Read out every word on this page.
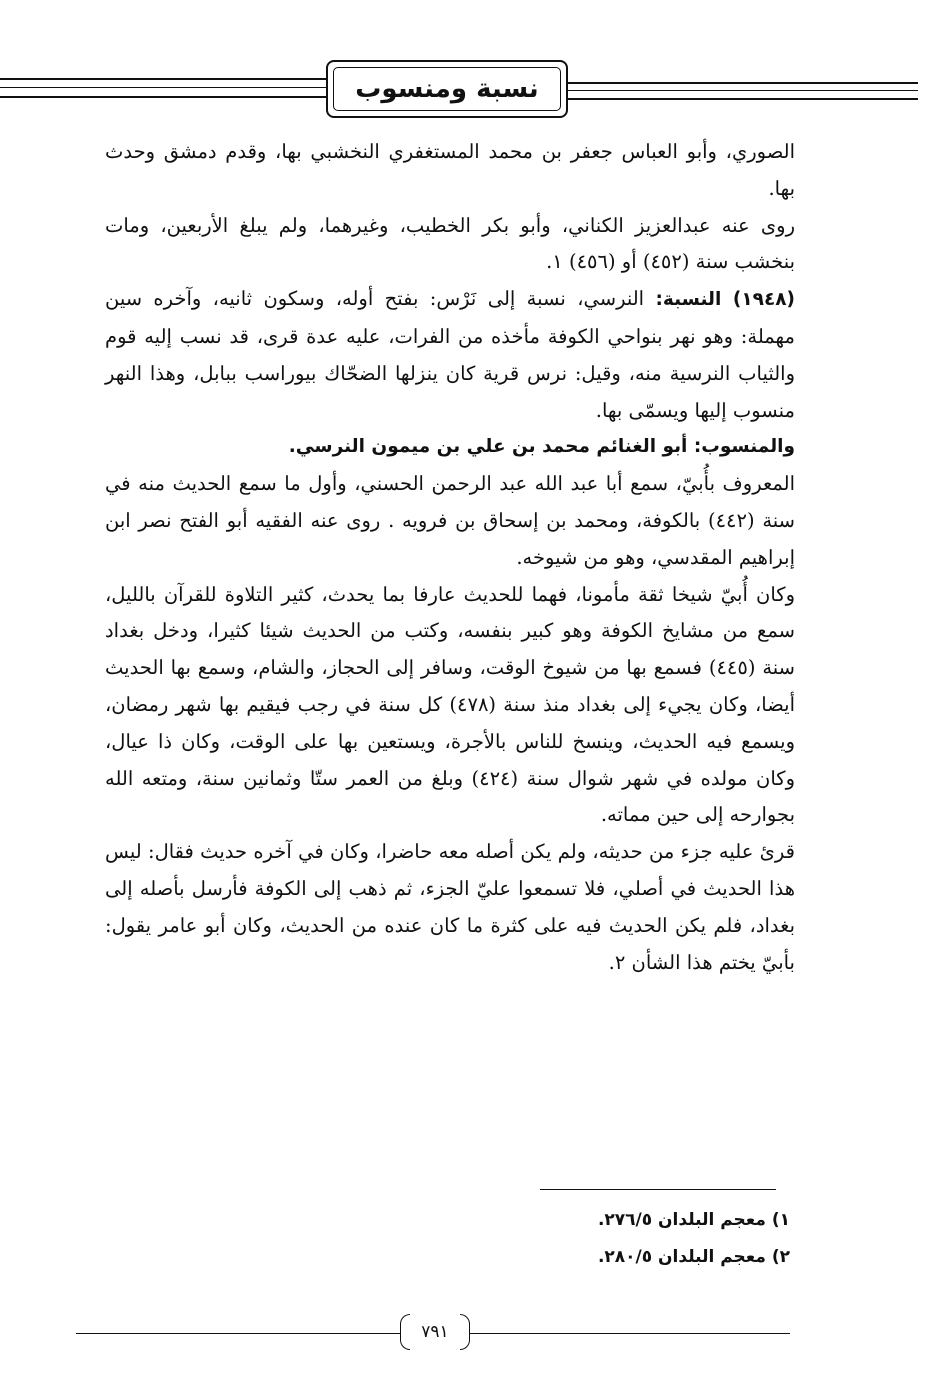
نسبة ومنسوب

الصوري، وأبو العباس جعفر بن محمد المستغفري النخشبي بها، وقدم دمشق وحدث بها.

روى عنه عبدالعزيز الكناني، وأبو بكر الخطيب، وغيرهما، ولم يبلغ الأربعين، ومات بنخشب سنة (٤٥٢) أو (٤٥٦) ١.

(١٩٤٨) النسبة: النرسي، نسبة إلى نَرْس: بفتح أوله، وسكون ثانيه، وآخره سين مهملة: وهو نهر بنواحي الكوفة مأخذه من الفرات، عليه عدة قرى، قد نسب إليه قوم والثياب النرسية منه، وقيل: نرس قرية كان ينزلها الضحّاك بيوراسب ببابل، وهذا النهر منسوب إليها ويسمّى بها.

والمنسوب: أبو الغنائم محمد بن علي بن ميمون النرسي.

المعروف بأُبيّ، سمع أبا عبد الله عبد الرحمن الحسني، وأول ما سمع الحديث منه في سنة (٤٤٢) بالكوفة، ومحمد بن إسحاق بن فرويه . روى عنه الفقيه أبو الفتح نصر ابن إبراهيم المقدسي، وهو من شيوخه.

وكان أُبيّ شيخا ثقة مأمونا، فهما للحديث عارفا بما يحدث، كثير التلاوة للقرآن بالليل، سمع من مشايخ الكوفة وهو كبير بنفسه، وكتب من الحديث شيئا كثيرا، ودخل بغداد سنة (٤٤٥) فسمع بها من شيوخ الوقت، وسافر إلى الحجاز، والشام، وسمع بها الحديث أيضا، وكان يجيء إلى بغداد منذ سنة (٤٧٨) كل سنة في رجب فيقيم بها شهر رمضان، ويسمع فيه الحديث، وينسخ للناس بالأجرة، ويستعين بها على الوقت، وكان ذا عيال، وكان مولده في شهر شوال سنة (٤٢٤) وبلغ من العمر ستّا وثمانين سنة، ومتعه الله بجوارحه إلى حين مماته.

قرئ عليه جزء من حديثه، ولم يكن أصله معه حاضرا، وكان في آخره حديث فقال: ليس هذا الحديث في أصلي، فلا تسمعوا عليّ الجزء، ثم ذهب إلى الكوفة فأرسل بأصله إلى بغداد، فلم يكن الحديث فيه على كثرة ما كان عنده من الحديث، وكان أبو عامر يقول: بأبيّ يختم هذا الشأن ٢.

١) معجم البلدان ٢٧٦/٥.

٢) معجم البلدان ٢٨٠/٥.

٧٩١
